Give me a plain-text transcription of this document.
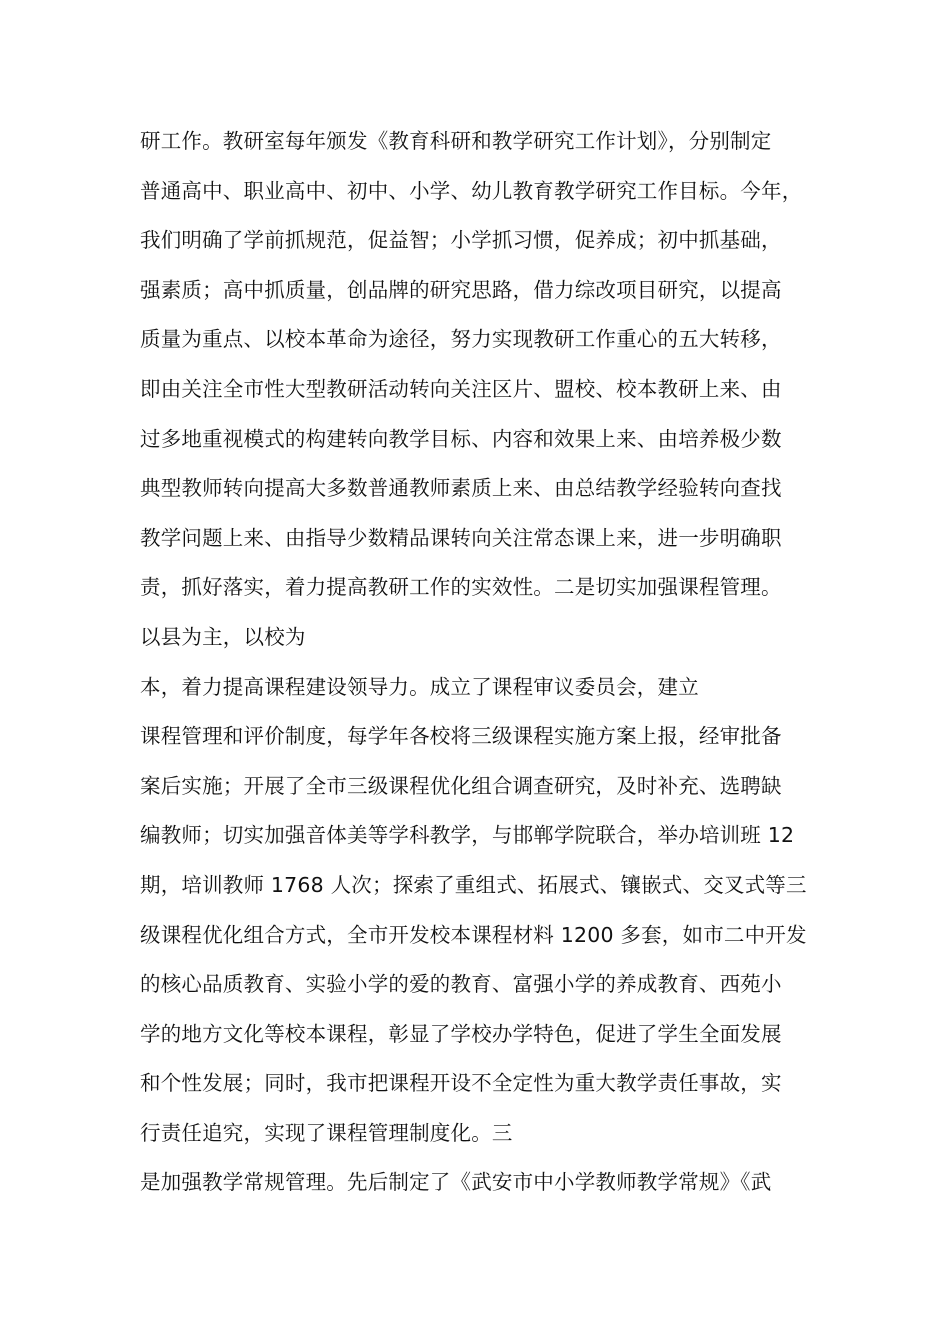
研工作。教研室每年颁发《教育科研和教学研究工作计划》，分别制定
普通高中、职业高中、初中、小学、幼儿教育教学研究工作目标。今年，
我们明确了学前抓规范，促益智；小学抓习惯，促养成；初中抓基础，
强素质；高中抓质量，创品牌的研究思路，借力综改项目研究，以提高
质量为重点、以校本革命为途径，努力实现教研工作重心的五大转移，
即由关注全市性大型教研活动转向关注区片、盟校、校本教研上来、由
过多地重视模式的构建转向教学目标、内容和效果上来、由培养极少数
典型教师转向提高大多数普通教师素质上来、由总结教学经验转向查找
教学问题上来、由指导少数精品课转向关注常态课上来，进一步明确职
责，抓好落实，着力提高教研工作的实效性。二是切实加强课程管理。
以县为主，以校为
本，着力提高课程建设领导力。成立了课程审议委员会，建立
课程管理和评价制度，每学年各校将三级课程实施方案上报，经审批备
案后实施；开展了全市三级课程优化组合调查研究，及时补充、选聘缺
编教师；切实加强音体美等学科教学，与邯郸学院联合，举办培训班 12
期，培训教师 1768 人次；探索了重组式、拓展式、镶嵌式、交叉式等三
级课程优化组合方式，全市开发校本课程材料 1200 多套，如市二中开发
的核心品质教育、实验小学的爱的教育、富强小学的养成教育、西苑小
学的地方文化等校本课程，彰显了学校办学特色，促进了学生全面发展
和个性发展；同时，我市把课程开设不全定性为重大教学责任事故，实
行责任追究，实现了课程管理制度化。三
是加强教学常规管理。先后制定了《武安市中小学教师教学常规》《武
